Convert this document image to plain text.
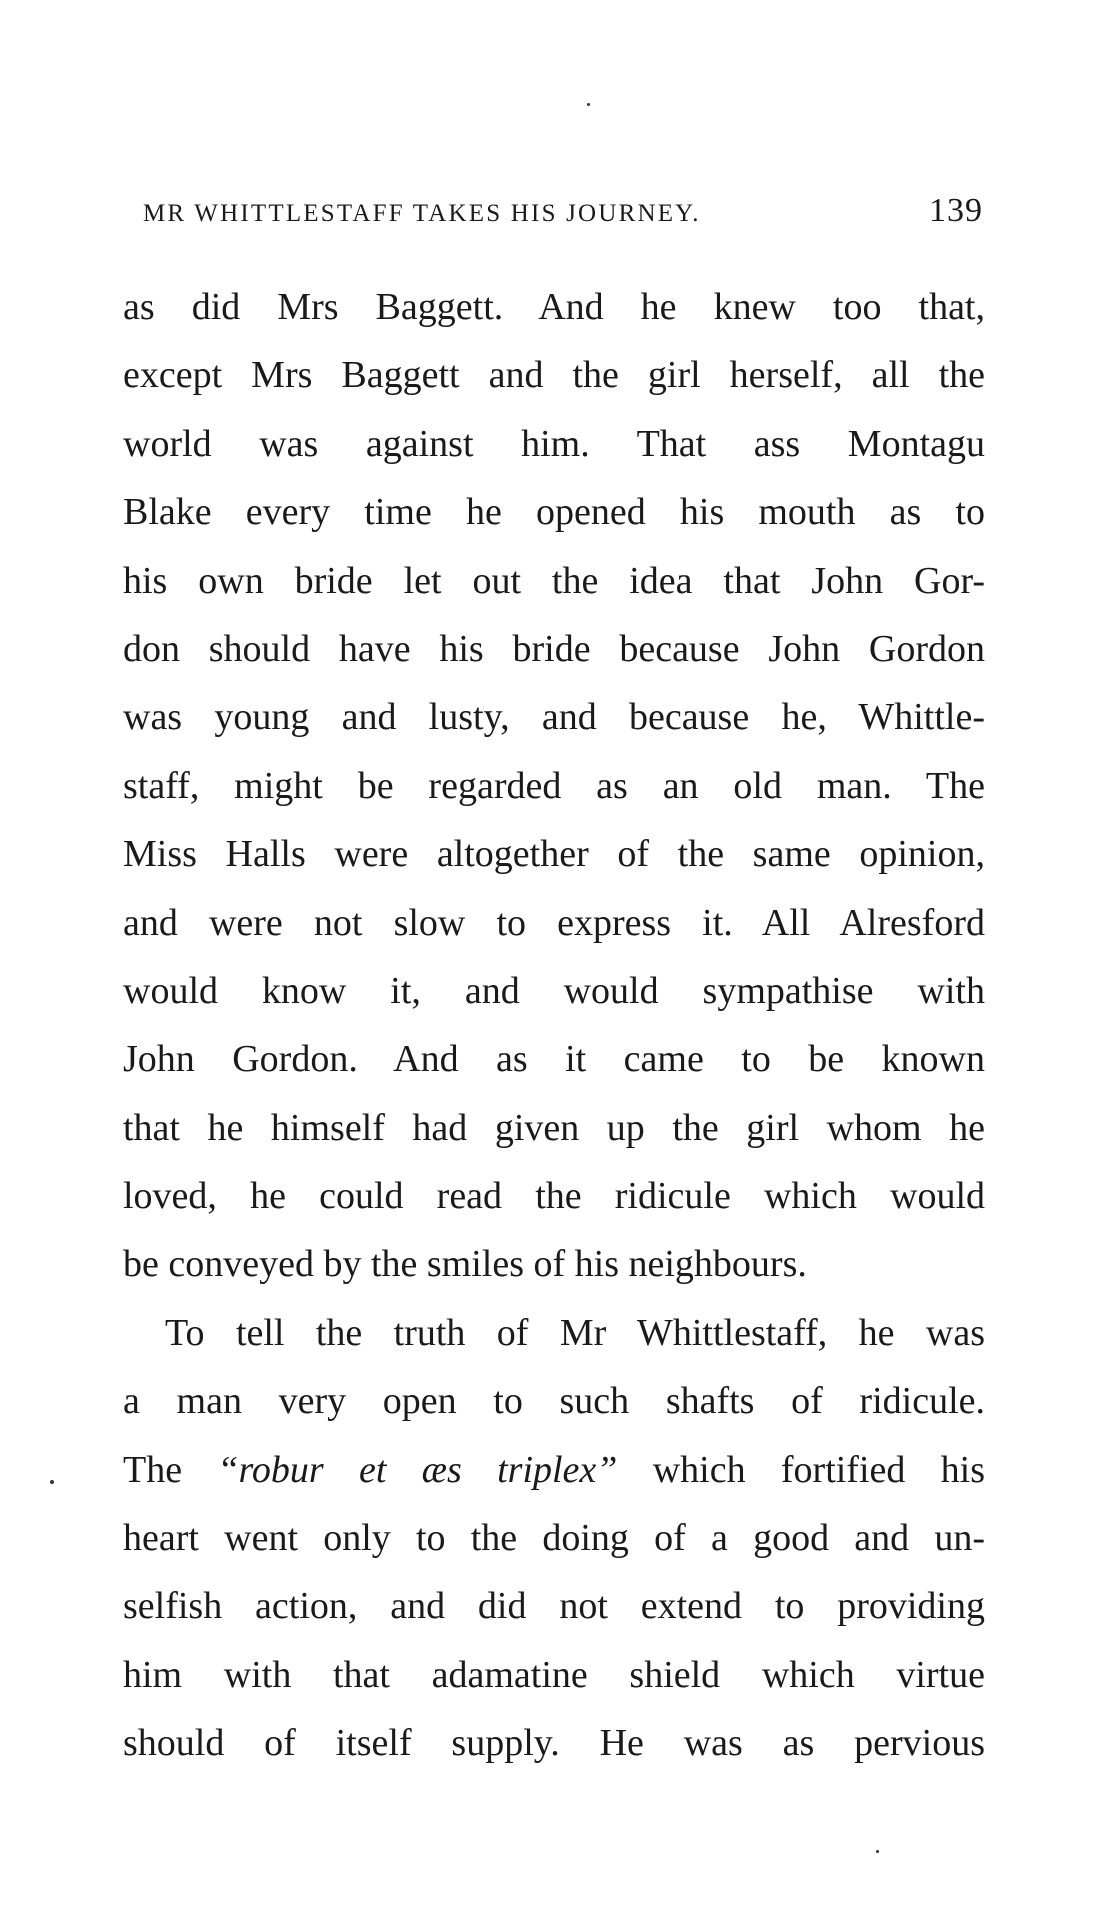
MR WHITTLESTAFF TAKES HIS JOURNEY.	139
as did Mrs Baggett. And he knew too that,
except Mrs Baggett and the girl herself, all the
world was against him. That ass Montagu
Blake every time he opened his mouth as to
his own bride let out the idea that John Gor-
don should have his bride because John Gordon
was young and lusty, and because he, Whittle-
staff, might be regarded as an old man. The
Miss Halls were altogether of the same opinion,
and were not slow to express it. All Alresford
would know it, and would sympathise with
John Gordon. And as it came to be known
that he himself had given up the girl whom he
loved, he could read the ridicule which would
be conveyed by the smiles of his neighbours.
To tell the truth of Mr Whittlestaff, he was
a man very open to such shafts of ridicule.
The “robur et æs triplex” which fortified his
heart went only to the doing of a good and un-
selfish action, and did not extend to providing
him with that adamatine shield which virtue
should of itself supply. He was as pervious
